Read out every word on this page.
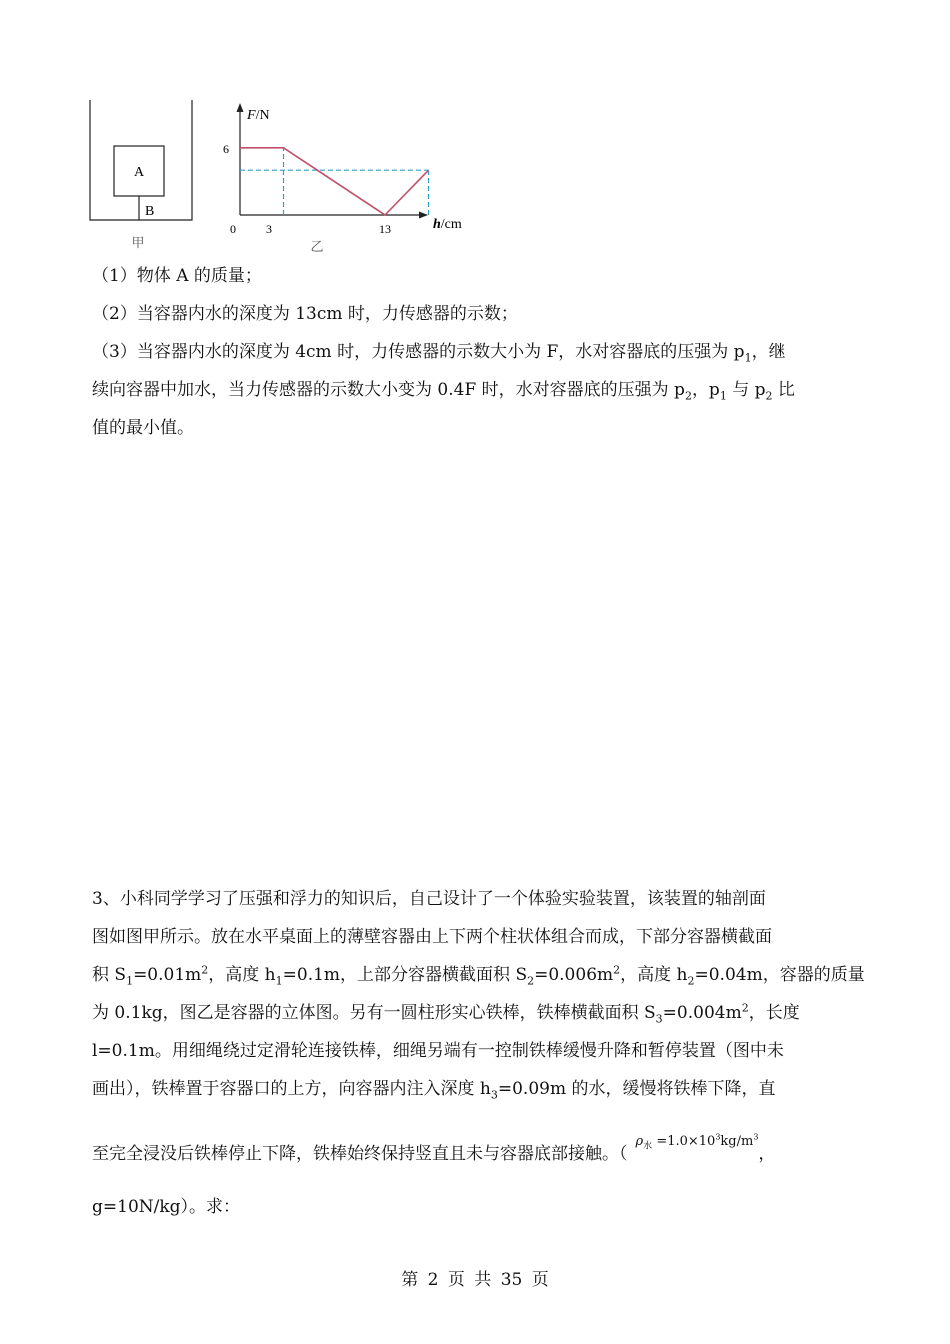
A
B
甲
F/N
h/cm
0
6
3	13
乙
（1）物体 A 的质量；
（2）当容器内水的深度为 13cm 时，力传感器的示数；
（3）当容器内水的深度为 4cm 时，力传感器的示数大小为 F，水对容器底的压强为 $p_1$，继
续向容器中加水，当力传感器的示数大小变为 0.4F 时，水对容器底的压强为 $p_2$，$p_1$ 与 $p_2$ 比
值的最小值。
3、小科同学学习了压强和浮力的知识后，自己设计了一个体验实验装置，该装置的轴剖面
图如图甲所示。放在水平桌面上的薄壁容器由上下两个柱状体组合而成，下部分容器横截面
积 $S_1=0.01m^2$，高度 $h_1=0.1m$，上部分容器横截面积 $S_2=0.006m^2$，高度 $h_2=0.04m$，容器的质量
为 0.1kg，图乙是容器的立体图。另有一圆柱形实心铁棒，铁棒横截面积 $S_3=0.004m^2$，长度
l=0.1m。用细绳绕过定滑轮连接铁棒，细绳另端有一控制铁棒缓慢升降和暂停装置（图中未
画出），铁棒置于容器口的上方，向容器内注入深度 $h_3=0.09m$ 的水，缓慢将铁棒下降，直
至完全浸没后铁棒停止下降，铁棒始终保持竖直且未与容器底部接触。（$\rho_水 =1.0\times 10^3kg/m^3$，
g=10N/kg）。求：
第 2 页 共 35 页
